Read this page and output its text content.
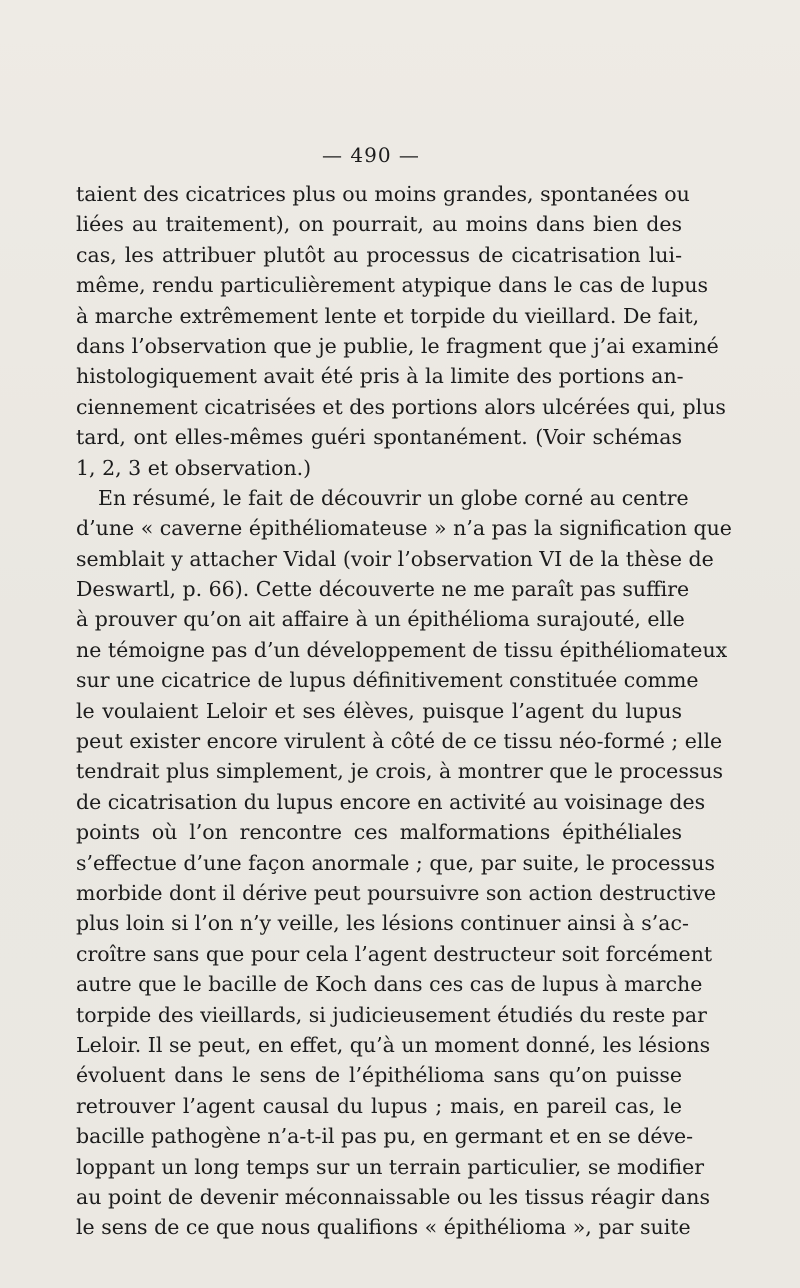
— 490 —
taient des cicatrices plus ou moins grandes, spontanées ou
liées au traitement), on pourrait, au moins dans bien des
cas, les attribuer plutôt au processus de cicatrisation lui-
même, rendu particulièrement atypique dans le cas de lupus
à marche extrêmement lente et torpide du vieillard. De fait,
dans l’observation que je publie, le fragment que j’ai examiné
histologiquement avait été pris à la limite des portions an-
ciennement cicatrisées et des portions alors ulcérées qui, plus
tard, ont elles-mêmes guéri spontanément. (Voir schémas
1, 2, 3 et observation.)
En résumé, le fait de découvrir un globe corné au centre
d’une « caverne épithéliomateuse » n’a pas la signification que
semblait y attacher Vidal (voir l’observation VI de la thèse de
Deswartl, p. 66). Cette découverte ne me paraît pas suffire
à prouver qu’on ait affaire à un épithélioma surajouté, elle
ne témoigne pas d’un développement de tissu épithéliomateux
sur une cicatrice de lupus définitivement constituée comme
le voulaient Leloir et ses élèves, puisque l’agent du lupus
peut exister encore virulent à côté de ce tissu néo-formé ; elle
tendrait plus simplement, je crois, à montrer que le processus
de cicatrisation du lupus encore en activité au voisinage des
points où l’on rencontre ces malformations épithéliales
s’effectue d’une façon anormale ; que, par suite, le processus
morbide dont il dérive peut poursuivre son action destructive
plus loin si l’on n’y veille, les lésions continuer ainsi à s’ac-
croître sans que pour cela l’agent destructeur soit forcément
autre que le bacille de Koch dans ces cas de lupus à marche
torpide des vieillards, si judicieusement étudiés du reste par
Leloir. Il se peut, en effet, qu’à un moment donné, les lésions
évoluent dans le sens de l’épithélioma sans qu’on puisse
retrouver l’agent causal du lupus ; mais, en pareil cas, le
bacille pathogène n’a-t-il pas pu, en germant et en se déve-
loppant un long temps sur un terrain particulier, se modifier
au point de devenir méconnaissable ou les tissus réagir dans
le sens de ce que nous qualifions « épithélioma », par suite
